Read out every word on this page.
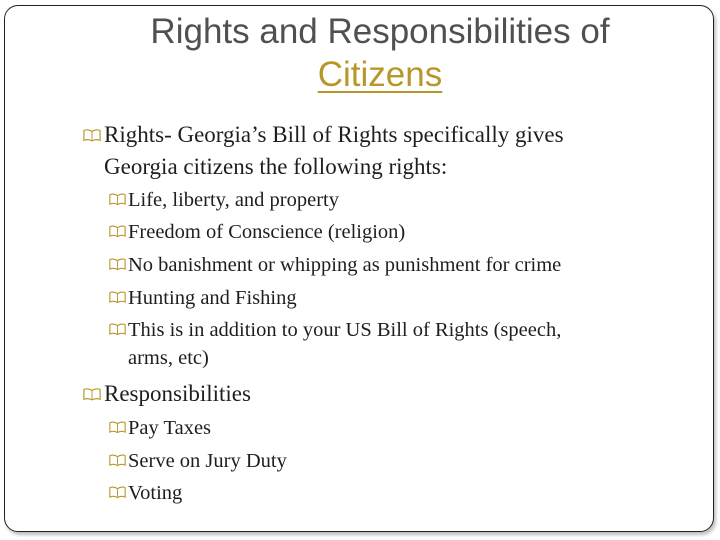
Rights and Responsibilities of
Citizens
Rights- Georgia’s Bill of Rights specifically gives
Georgia citizens the following rights:
Life, liberty, and property
Freedom of Conscience (religion)
No banishment or whipping as punishment for crime
Hunting and Fishing
This is in addition to your US Bill of Rights (speech,
arms, etc)
Responsibilities
Pay Taxes
Serve on Jury Duty
Voting
